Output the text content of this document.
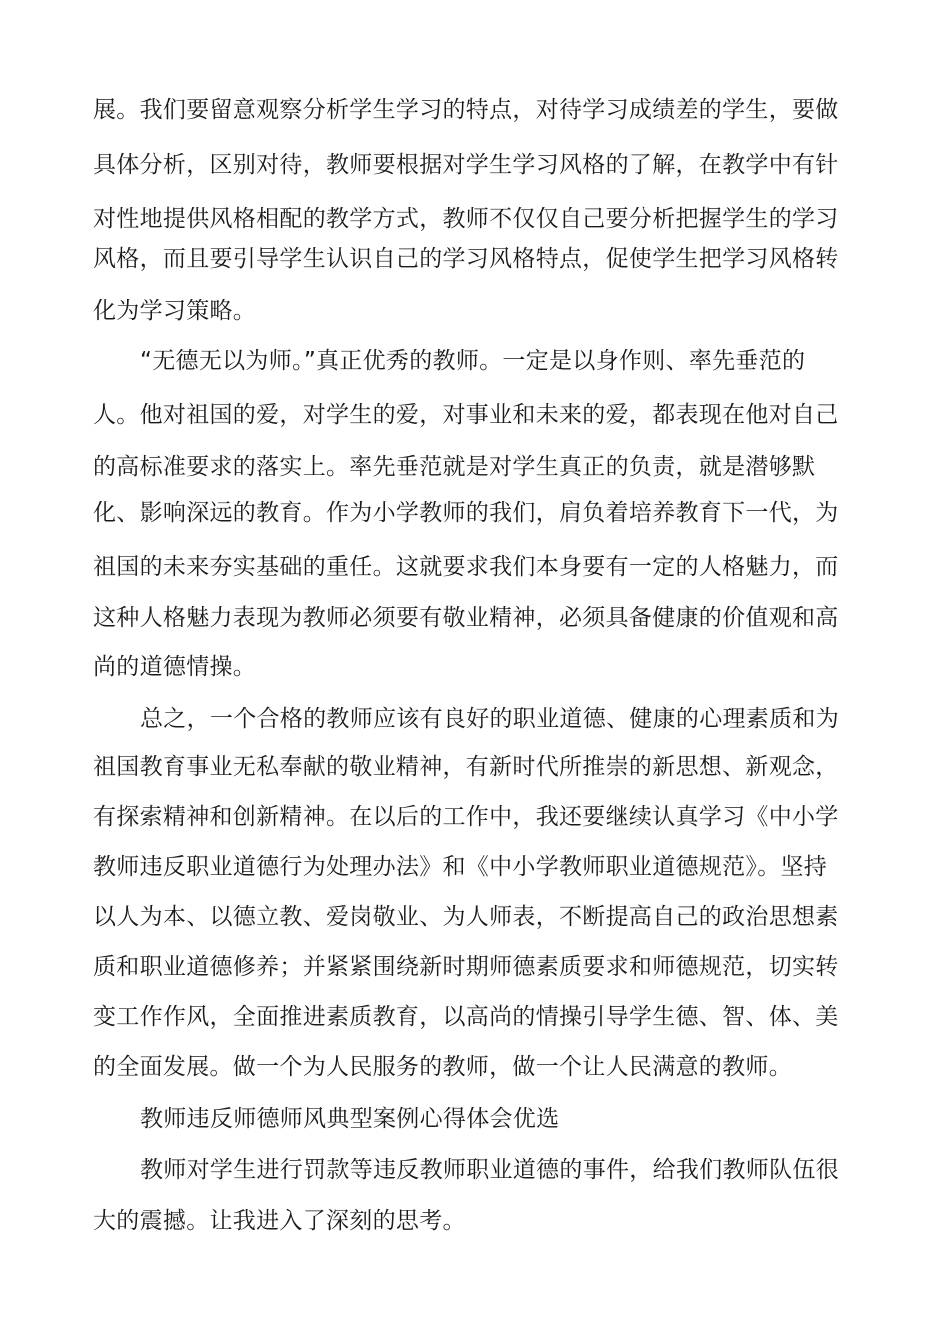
展。我们要留意观察分析学生学习的特点，对待学习成绩差的学生，要做
具体分析，区别对待，教师要根据对学生学习风格的了解，在教学中有针
对性地提供风格相配的教学方式，教师不仅仅自己要分析把握学生的学习
风格，而且要引导学生认识自己的学习风格特点，促使学生把学习风格转
化为学习策略。
“无德无以为师。”真正优秀的教师。一定是以身作则、率先垂范的
人。他对祖国的爱，对学生的爱，对事业和未来的爱，都表现在他对自己
的高标准要求的落实上。率先垂范就是对学生真正的负责，就是潜够默
化、影响深远的教育。作为小学教师的我们，肩负着培养教育下一代，为
祖国的未来夯实基础的重任。这就要求我们本身要有一定的人格魅力，而
这种人格魅力表现为教师必须要有敬业精神，必须具备健康的价值观和高
尚的道德情操。
总之，一个合格的教师应该有良好的职业道德、健康的心理素质和为
祖国教育事业无私奉献的敬业精神，有新时代所推崇的新思想、新观念，
有探索精神和创新精神。在以后的工作中，我还要继续认真学习《中小学
教师违反职业道德行为处理办法》和《中小学教师职业道德规范》。坚持
以人为本、以德立教、爱岗敬业、为人师表，不断提高自己的政治思想素
质和职业道德修养；并紧紧围绕新时期师德素质要求和师德规范，切实转
变工作作风，全面推进素质教育，以高尚的情操引导学生德、智、体、美
的全面发展。做一个为人民服务的教师，做一个让人民满意的教师。
教师违反师德师风典型案例心得体会优选
教师对学生进行罚款等违反教师职业道德的事件，给我们教师队伍很
大的震撼。让我进入了深刻的思考。
